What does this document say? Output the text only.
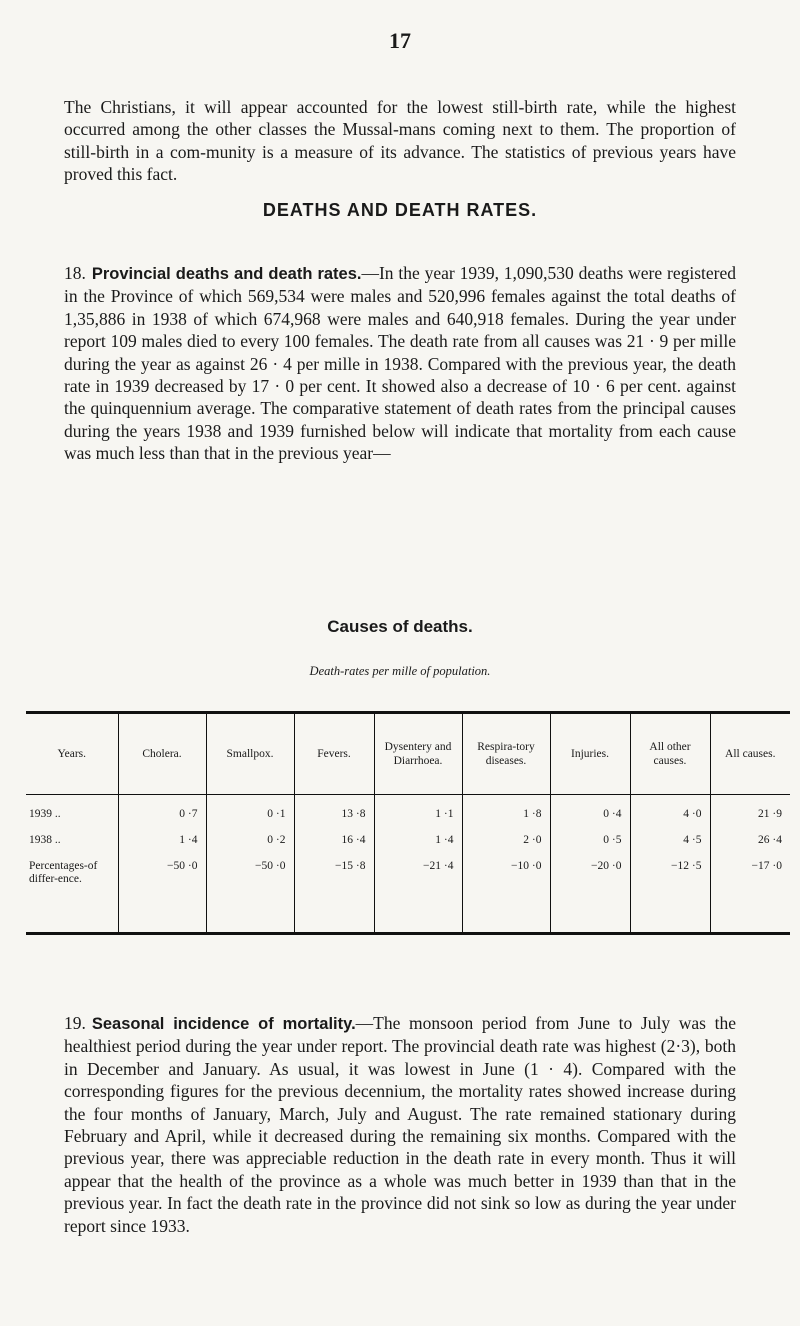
17

The Christians, it will appear accounted for the lowest still-birth rate, while the highest occurred among the other classes the Mussal-mans coming next to them. The proportion of still-birth in a com-munity is a measure of its advance. The statistics of previous years have proved this fact.

DEATHS AND DEATH RATES.

18. Provincial deaths and death rates.—In the year 1939, 1,090,530 deaths were registered in the Province of which 569,534 were males and 520,996 females against the total deaths of 1,35,886 in 1938 of which 674,968 were males and 640,918 females. During the year under report 109 males died to every 100 females. The death rate from all causes was 21 · 9 per mille during the year as against 26 · 4 per mille in 1938. Compared with the previous year, the death rate in 1939 decreased by 17 · 0 per cent. It showed also a decrease of 10 · 6 per cent. against the quinquennium average. The comparative statement of death rates from the principal causes during the years 1938 and 1939 furnished below will indicate that mortality from each cause was much less than that in the previous year—

Causes of deaths.
Death-rates per mille of population.
Years.	Cholera.	Smallpox.	Fevers.	Dysentery and Diarrhoea.	Respira-tory diseases.	Injuries.	All other causes.	All causes.
1939 ..	0 ·7	0 ·1	13 ·8	1 ·1	1 ·8	0 ·4	4 ·0	21 ·9
1938 ..	1 ·4	0 ·2	16 ·4	1 ·4	2 ·0	0 ·5	4 ·5	26 ·4
Percentages-of differ-ence.	−50 ·0	−50 ·0	−15 ·8	−21 ·4	−10 ·0	−20 ·0	−12 ·5	−17 ·0

19. Seasonal incidence of mortality.—The monsoon period from June to July was the healthiest period during the year under report. The provincial death rate was highest (2·3), both in December and January. As usual, it was lowest in June (1 · 4). Compared with the corresponding figures for the previous decennium, the mortality rates showed increase during the four months of January, March, July and August. The rate remained stationary during February and April, while it decreased during the remaining six months. Compared with the previous year, there was appreciable reduction in the death rate in every month. Thus it will appear that the health of the province as a whole was much better in 1939 than that in the previous year. In fact the death rate in the province did not sink so low as during the year under report since 1933.
